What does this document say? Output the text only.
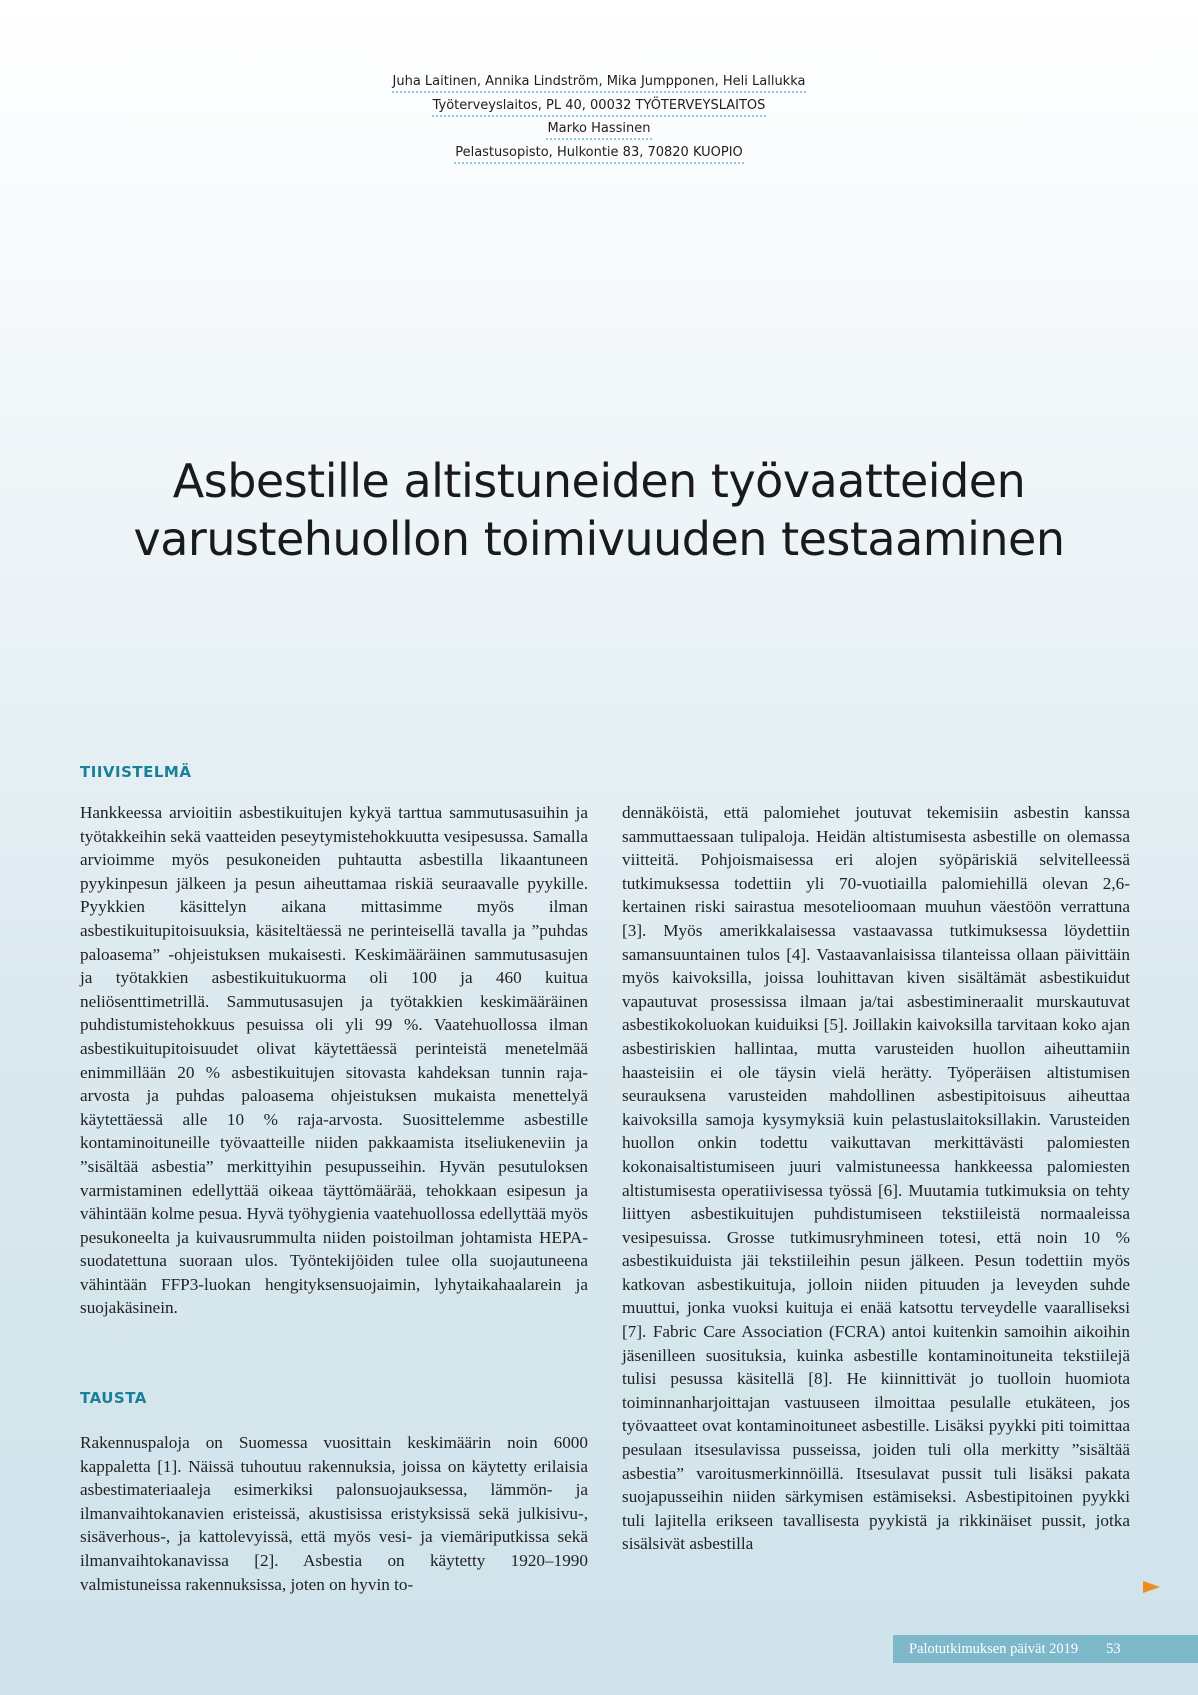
Juha Laitinen, Annika Lindström, Mika Jumpponen, Heli Lallukka
Työterveyslaitos, PL 40, 00032 TYÖTERVEYSLAITOS
Marko Hassinen
Pelastusopisto, Hulkontie 83, 70820 KUOPIO
Asbestille altistuneiden työvaatteiden
varustehuollon toimivuuden testaaminen
TIIVISTELMÄ

Hankkeessa arvioitiin asbestikuitujen kykyä tarttua sammutusasuihin ja työtakkeihin sekä vaatteiden peseytymistehokkuutta vesipesussa. Samalla arvioimme myös pesukoneiden puhtautta asbestilla likaantuneen pyykinpesun jälkeen ja pesun aiheuttamaa riskiä seuraavalle pyykille. Pyykkien käsittelyn aikana mittasimme myös ilman asbestikuitupitoisuuksia, käsiteltäessä ne perinteisellä tavalla ja ”puhdas paloasema” -ohjeistuksen mukaisesti. Keskimääräinen sammutusasujen ja työtakkien asbestikuitukuorma oli 100 ja 460 kuitua neliösenttimetrillä. Sammutusasujen ja työtakkien keskimääräinen puhdistumistehokkuus pesuissa oli yli 99 %. Vaatehuollossa ilman asbestikuitupitoisuudet olivat käytettäessä perinteistä menetelmää enimmillään 20 % asbestikuitujen sitovasta kahdeksan tunnin raja-arvosta ja puhdas paloasema ohjeistuksen mukaista menettelyä käytettäessä alle 10 % raja-arvosta. Suosittelemme asbestille kontaminoituneille työvaatteille niiden pakkaamista itseliukeneviin ja ”sisältää asbestia” merkittyihin pesupusseihin. Hyvän pesutuloksen varmistaminen edellyttää oikeaa täyttömäärää, tehokkaan esipesun ja vähintään kolme pesua. Hyvä työhygienia vaatehuollossa edellyttää myös pesukoneelta ja kuivausrummulta niiden poistoilman johtamista HEPA-suodatettuna suoraan ulos. Työntekijöiden tulee olla suojautuneena vähintään FFP3-luokan hengityksensuojaimin, lyhytaikahaalarein ja suojakäsinein.

TAUSTA

Rakennuspaloja on Suomessa vuosittain keskimäärin noin 6000 kappaletta [1]. Näissä tuhoutuu rakennuksia, joissa on käytetty erilaisia asbestimateriaaleja esimerkiksi palonsuojauksessa, lämmön- ja ilmanvaihtokanavien eristeissä, akustisissa eristyksissä sekä julkisivu-, sisäverhous-, ja kattolevyissä, että myös vesi- ja viemäriputkissa sekä ilmanvaihtokanavissa [2]. Asbestia on käytetty 1920–1990 valmistuneissa rakennuksissa, joten on hyvin to-

dennäköistä, että palomiehet joutuvat tekemisiin asbestin kanssa sammuttaessaan tulipaloja. Heidän altistumisesta asbestille on olemassa viitteitä. Pohjoismaisessa eri alojen syöpäriskiä selvitelleessä tutkimuksessa todettiin yli 70-vuotiailla palomiehillä olevan 2,6-kertainen riski sairastua mesotelioomaan muuhun väestöön verrattuna [3]. Myös amerikkalaisessa vastaavassa tutkimuksessa löydettiin samansuuntainen tulos [4]. Vastaavanlaisissa tilanteissa ollaan päivittäin myös kaivoksilla, joissa louhittavan kiven sisältämät asbestikuidut vapautuvat prosessissa ilmaan ja/tai asbestimineraalit murskautuvat asbestikokoluokan kuiduiksi [5]. Joillakin kaivoksilla tarvitaan koko ajan asbestiriskien hallintaa, mutta varusteiden huollon aiheuttamiin haasteisiin ei ole täysin vielä herätty. Työperäisen altistumisen seurauksena varusteiden mahdollinen asbestipitoisuus aiheuttaa kaivoksilla samoja kysymyksiä kuin pelastuslaitoksillakin. Varusteiden huollon onkin todettu vaikuttavan merkittävästi palomiesten kokonaisaltistumiseen juuri valmistuneessa hankkeessa palomiesten altistumisesta operatiivisessa työssä [6]. Muutamia tutkimuksia on tehty liittyen asbestikuitujen puhdistumiseen tekstiileistä normaaleissa vesipesuissa. Grosse tutkimusryhmineen totesi, että noin 10 % asbestikuiduista jäi tekstiileihin pesun jälkeen. Pesun todettiin myös katkovan asbestikuituja, jolloin niiden pituuden ja leveyden suhde muuttui, jonka vuoksi kuituja ei enää katsottu terveydelle vaaralliseksi [7]. Fabric Care Association (FCRA) antoi kuitenkin samoihin aikoihin jäsenilleen suosituksia, kuinka asbestille kontaminoituneita tekstiilejä tulisi pesussa käsitellä [8]. He kiinnittivät jo tuolloin huomiota toiminnanharjoittajan vastuuseen ilmoittaa pesulalle etukäteen, jos työvaatteet ovat kontaminoituneet asbestille. Lisäksi pyykki piti toimittaa pesulaan itsesulavissa pusseissa, joiden tuli olla merkitty ”sisältää asbestia” varoitusmerkinnöillä. Itsesulavat pussit tuli lisäksi pakata suojapusseihin niiden särkymisen estämiseksi. Asbestipitoinen pyykki tuli lajitella erikseen tavallisesta pyykistä ja rikkinäiset pussit, jotka sisälsivät asbestilla

Palotutkimuksen päivät 2019 53
